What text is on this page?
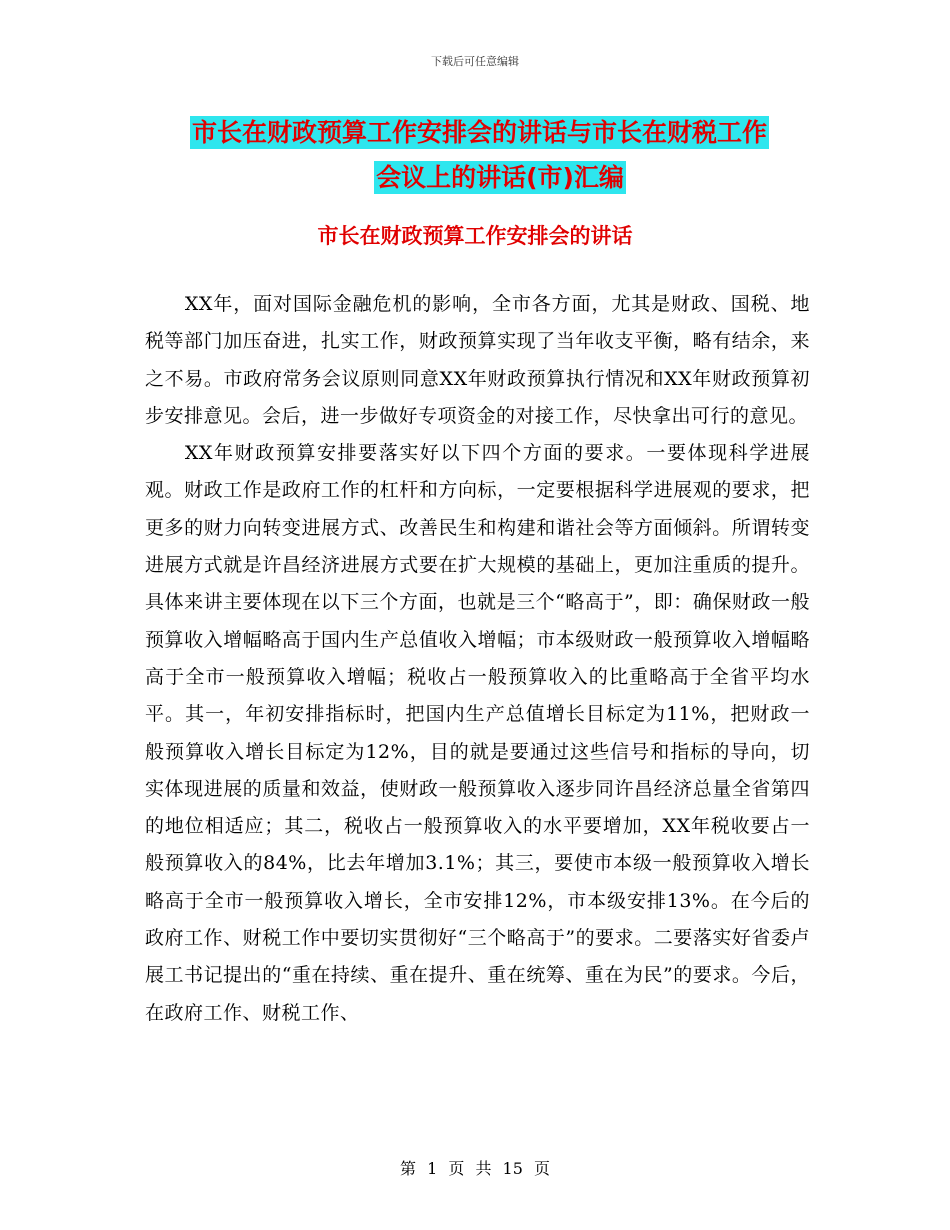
下载后可任意编辑
市长在财政预算工作安排会的讲话与市长在财税工作
会议上的讲话(市)汇编
市长在财政预算工作安排会的讲话

XX年，面对国际金融危机的影响，全市各方面，尤其是财政、国税、地税等部门加压奋进，扎实工作，财政预算实现了当年收支平衡，略有结余，来之不易。市政府常务会议原则同意XX年财政预算执行情况和XX年财政预算初步安排意见。会后，进一步做好专项资金的对接工作，尽快拿出可行的意见。

XX年财政预算安排要落实好以下四个方面的要求。一要体现科学进展观。财政工作是政府工作的杠杆和方向标，一定要根据科学进展观的要求，把更多的财力向转变进展方式、改善民生和构建和谐社会等方面倾斜。所谓转变进展方式就是许昌经济进展方式要在扩大规模的基础上，更加注重质的提升。具体来讲主要体现在以下三个方面，也就是三个“略高于”，即：确保财政一般预算收入增幅略高于国内生产总值收入增幅；市本级财政一般预算收入增幅略高于全市一般预算收入增幅；税收占一般预算收入的比重略高于全省平均水平。其一，年初安排指标时，把国内生产总值增长目标定为11%，把财政一般预算收入增长目标定为12%，目的就是要通过这些信号和指标的导向，切实体现进展的质量和效益，使财政一般预算收入逐步同许昌经济总量全省第四的地位相适应；其二，税收占一般预算收入的水平要增加，XX年税收要占一般预算收入的84%，比去年增加3.1%；其三，要使市本级一般预算收入增长略高于全市一般预算收入增长，全市安排12%，市本级安排13%。在今后的政府工作、财税工作中要切实贯彻好“三个略高于”的要求。二要落实好省委卢展工书记提出的“重在持续、重在提升、重在统筹、重在为民”的要求。今后，在政府工作、财税工作、

第 1 页 共 15 页
